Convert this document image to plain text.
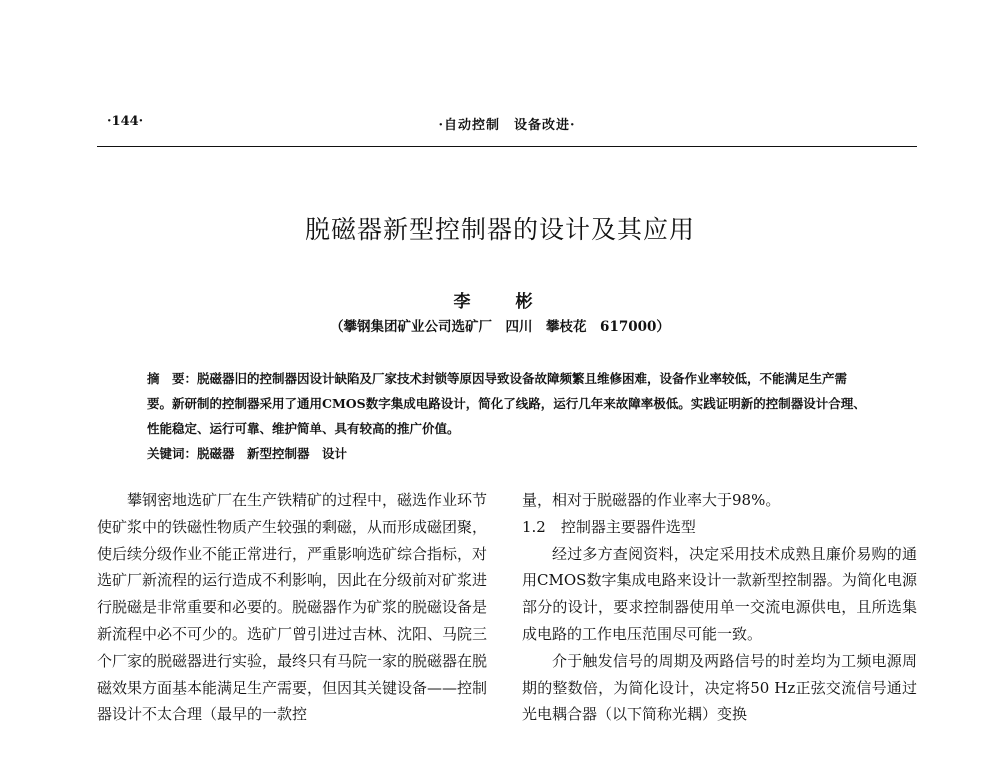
·144·	·自动控制　设备改进·
脱磁器新型控制器的设计及其应用
李　彬
（攀钢集团矿业公司选矿厂　四川　攀枝花　617000）

摘　要：脱磁器旧的控制器因设计缺陷及厂家技术封锁等原因导致设备故障频繁且维修困难，设备作业率较低，不能满足生产需要。新研制的控制器采用了通用CMOS数字集成电路设计，简化了线路，运行几年来故障率极低。实践证明新的控制器设计合理、性能稳定、运行可靠、维护简单、具有较高的推广价值。

关键词：脱磁器　新型控制器　设计

攀钢密地选矿厂在生产铁精矿的过程中，磁选作业环节使矿浆中的铁磁性物质产生较强的剩磁，从而形成磁团聚，使后续分级作业不能正常进行，严重影响选矿综合指标，对选矿厂新流程的运行造成不利影响，因此在分级前对矿浆进行脱磁是非常重要和必要的。脱磁器作为矿浆的脱磁设备是新流程中必不可少的。选矿厂曾引进过吉林、沈阳、马院三个厂家的脱磁器进行实验，最终只有马院一家的脱磁器在脱磁效果方面基本能满足生产需要，但因其关键设备——控制器设计不太合理（最早的一款控

量，相对于脱磁器的作业率大于98%。

1.2　控制器主要器件选型

经过多方查阅资料，决定采用技术成熟且廉价易购的通用CMOS数字集成电路来设计一款新型控制器。为简化电源部分的设计，要求控制器使用单一交流电源供电，且所选集成电路的工作电压范围尽可能一致。

介于触发信号的周期及两路信号的时差均为工频电源周期的整数倍，为简化设计，决定将50 Hz正弦交流信号通过光电耦合器（以下简称光耦）变换
